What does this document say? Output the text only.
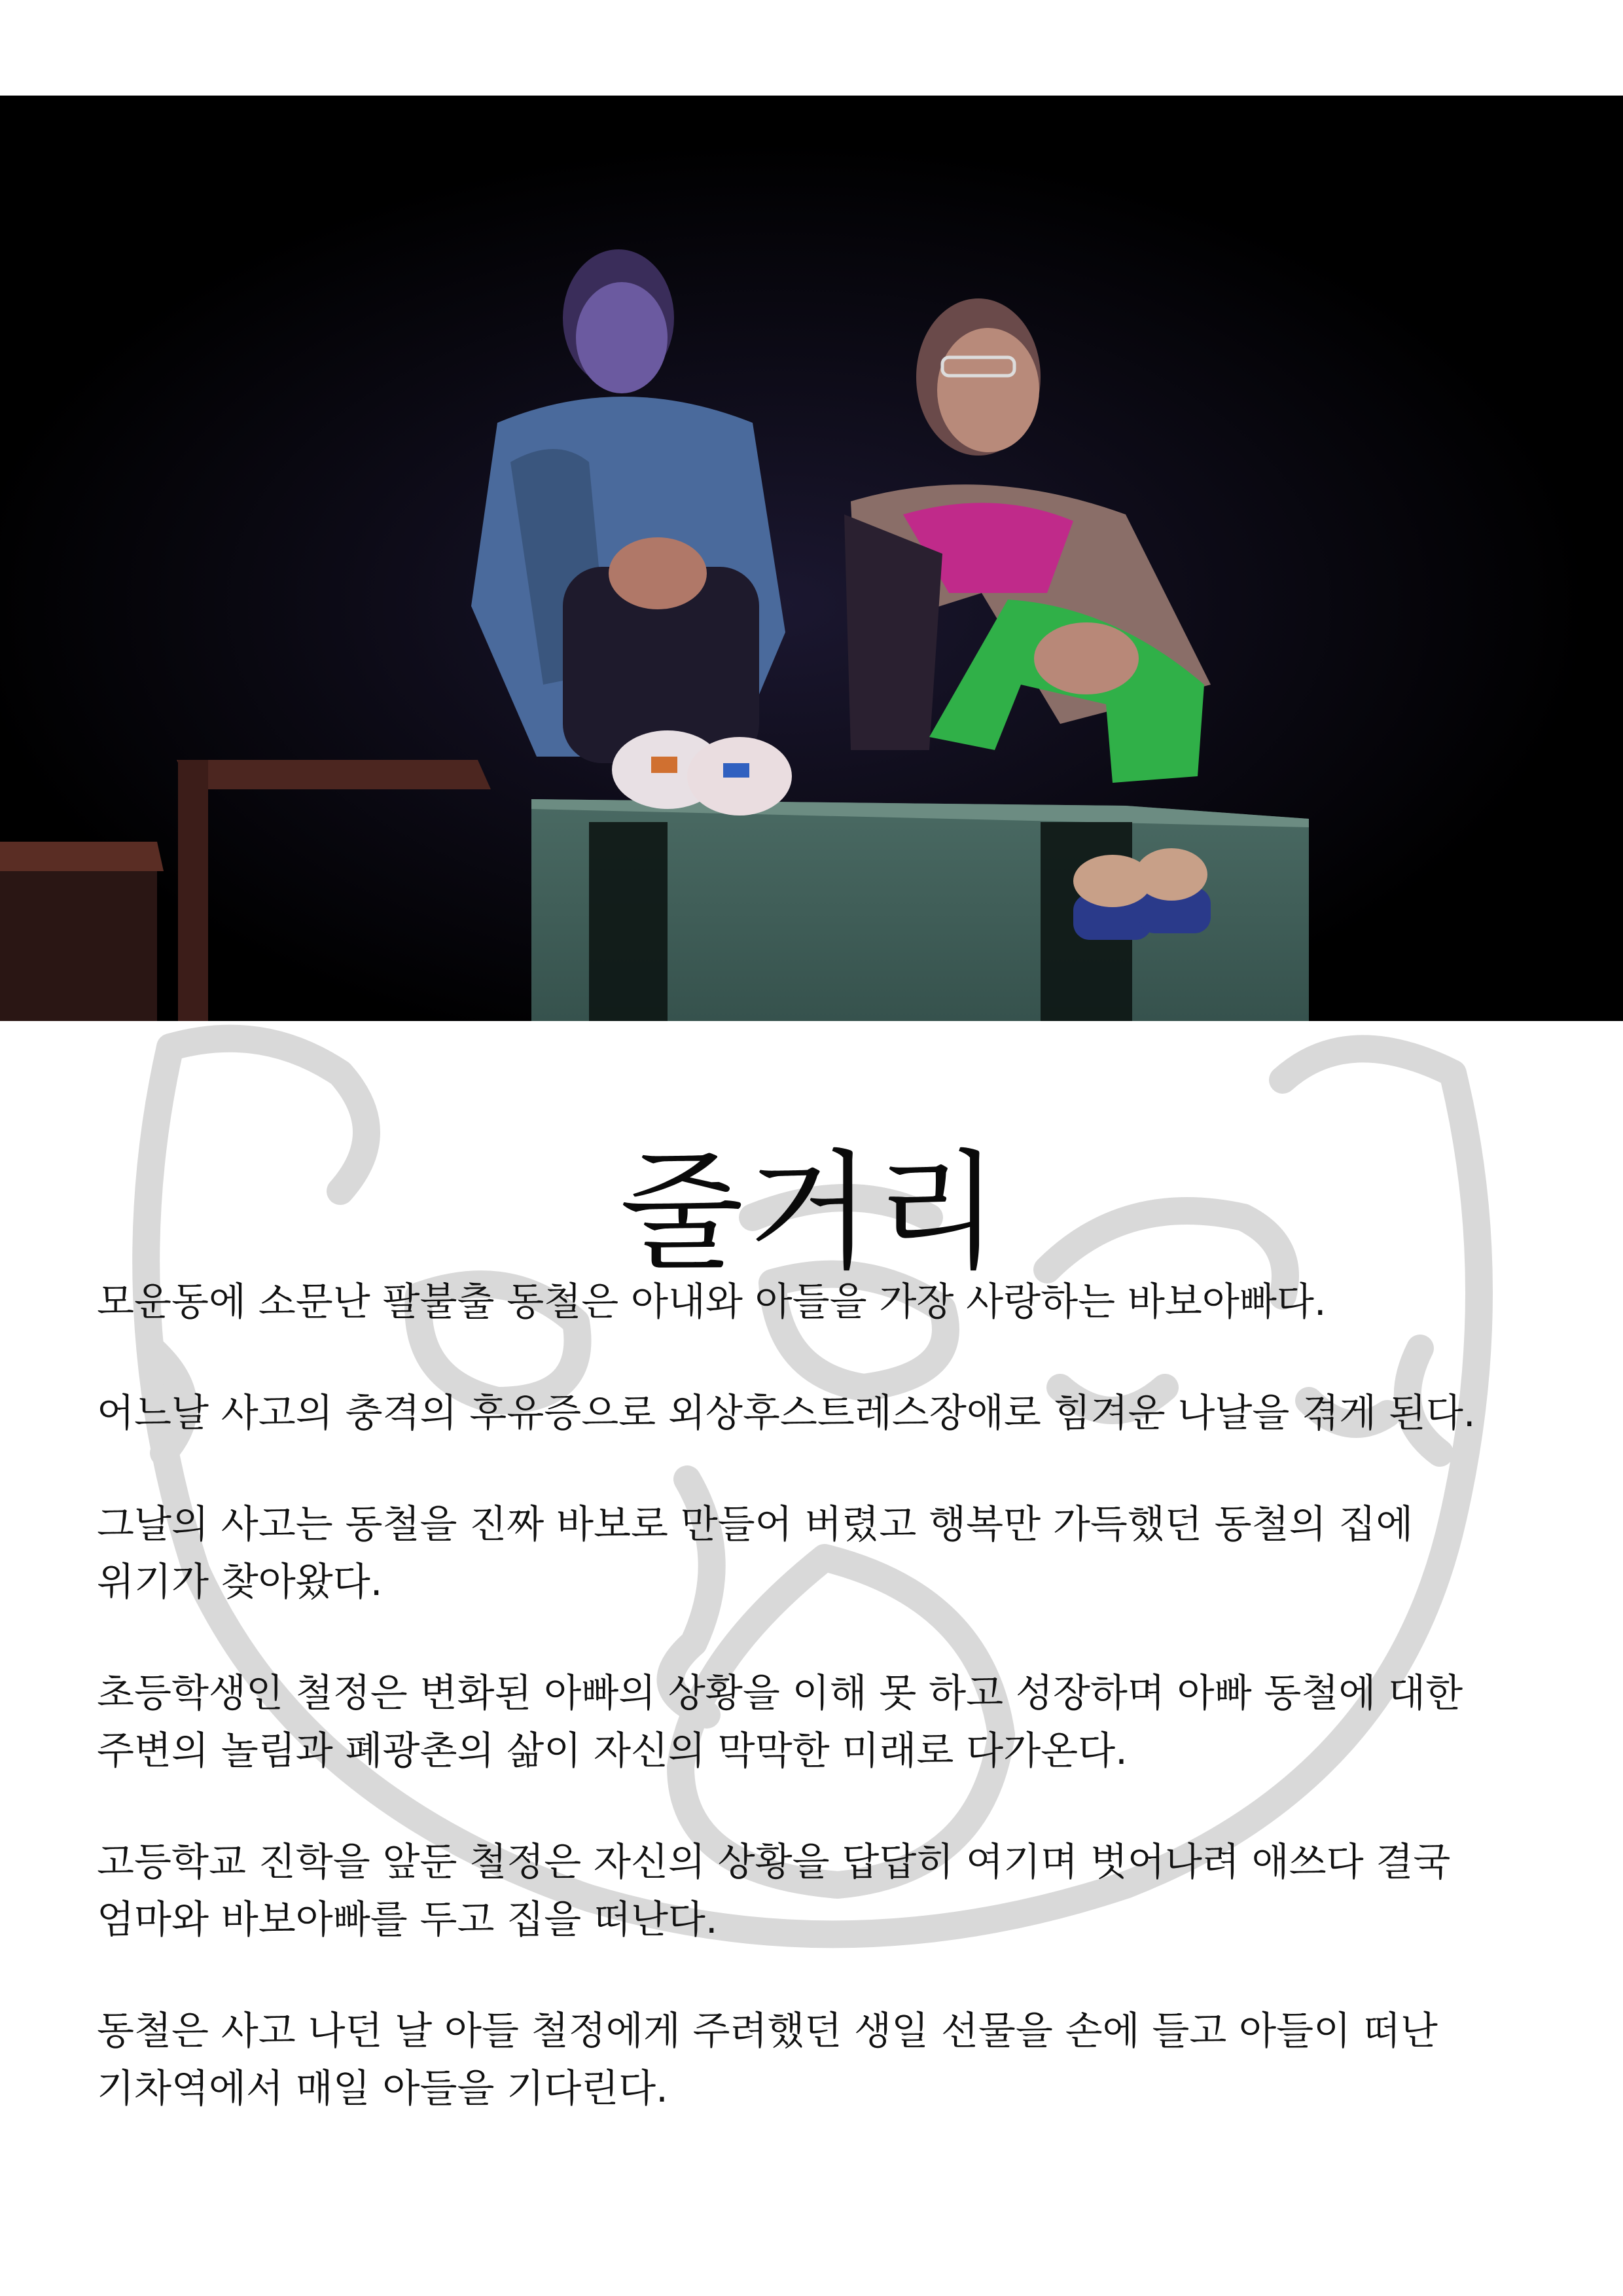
줄거리

모운동에 소문난 팔불출 동철은 아내와 아들을 가장 사랑하는 바보아빠다.

어느날 사고의 충격의 후유증으로 외상후스트레스장애로 힘겨운 나날을 겪게 된다.

그날의 사고는 동철을 진짜 바보로 만들어 버렸고 행복만 가득했던 동철의 집에
위기가 찾아왔다.

초등학생인 철정은 변화된 아빠의 상황을 이해 못 하고 성장하며 아빠 동철에 대한
주변의 놀림과 폐광촌의 삶이 자신의 막막한 미래로 다가온다.

고등학교 진학을 앞둔 철정은 자신의 상황을 답답히 여기며 벗어나려 애쓰다 결국
엄마와 바보아빠를 두고 집을 떠난다.

동철은 사고 나던 날 아들 철정에게 주려했던 생일 선물을 손에 들고 아들이 떠난
기차역에서 매일 아들을 기다린다.
